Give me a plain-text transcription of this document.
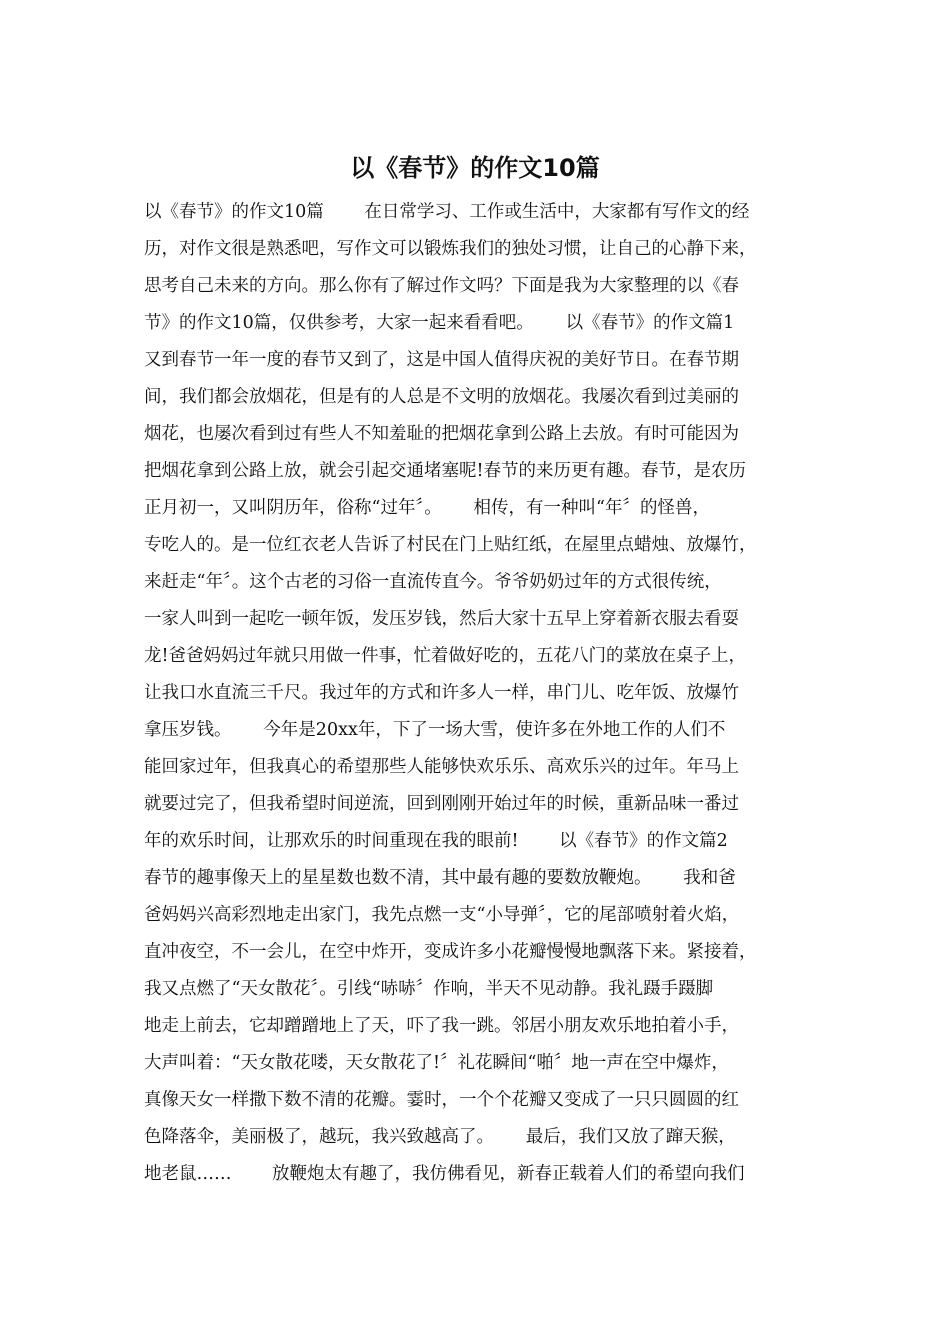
以《春节》的作文10篇
以《春节》的作文10篇　　 在日常学习、工作或生活中，大家都有写作文的经
历，对作文很是熟悉吧，写作文可以锻炼我们的独处习惯，让自己的心静下来，
思考自己未来的方向。那么你有了解过作文吗？下面是我为大家整理的以《春
节》的作文10篇，仅供参考，大家一起来看看吧。　　 以《春节》的作文篇1
又到春节一年一度的春节又到了，这是中国人值得庆祝的美好节日。在春节期
间，我们都会放烟花，但是有的人总是不文明的放烟花。我屡次看到过美丽的
烟花，也屡次看到过有些人不知羞耻的把烟花拿到公路上去放。有时可能因为
把烟花拿到公路上放，就会引起交通堵塞呢!春节的来历更有趣。春节，是农历
正月初一，又叫阴历年，俗称“过年〞。　　 相传，有一种叫“年〞的怪兽，
专吃人的。是一位红衣老人告诉了村民在门上贴红纸，在屋里点蜡烛、放爆竹，
来赶走“年〞。这个古老的习俗一直流传直今。爷爷奶奶过年的方式很传统，
一家人叫到一起吃一顿年饭，发压岁钱，然后大家十五早上穿着新衣服去看耍
龙!爸爸妈妈过年就只用做一件事，忙着做好吃的，五花八门的菜放在桌子上，
让我口水直流三千尺。我过年的方式和许多人一样，串门儿、吃年饭、放爆竹
拿压岁钱。　　 今年是20xx年，下了一场大雪，使许多在外地工作的人们不
能回家过年，但我真心的希望那些人能够快欢乐乐、高欢乐兴的过年。年马上
就要过完了，但我希望时间逆流，回到刚刚开始过年的时候，重新品味一番过
年的欢乐时间，让那欢乐的时间重现在我的眼前!　　 以《春节》的作文篇2
春节的趣事像天上的星星数也数不清，其中最有趣的要数放鞭炮。　　 我和爸
爸妈妈兴高彩烈地走出家门，我先点燃一支“小导弹〞，它的尾部喷射着火焰，
直冲夜空，不一会儿，在空中炸开，变成许多小花瓣慢慢地飘落下来。紧接着，
我又点燃了“天女散花〞。引线“哧哧〞作响，半天不见动静。我礼蹑手蹑脚
地走上前去，它却蹭蹭地上了天，吓了我一跳。邻居小朋友欢乐地拍着小手，
大声叫着：“天女散花喽，天女散花了!〞礼花瞬间“啪〞地一声在空中爆炸，
真像天女一样撒下数不清的花瓣。霎时，一个个花瓣又变成了一只只圆圆的红
色降落伞，美丽极了，越玩，我兴致越高了。　　 最后，我们又放了蹿天猴，
地老鼠……　　 放鞭炮太有趣了，我仿佛看见，新春正载着人们的希望向我们
